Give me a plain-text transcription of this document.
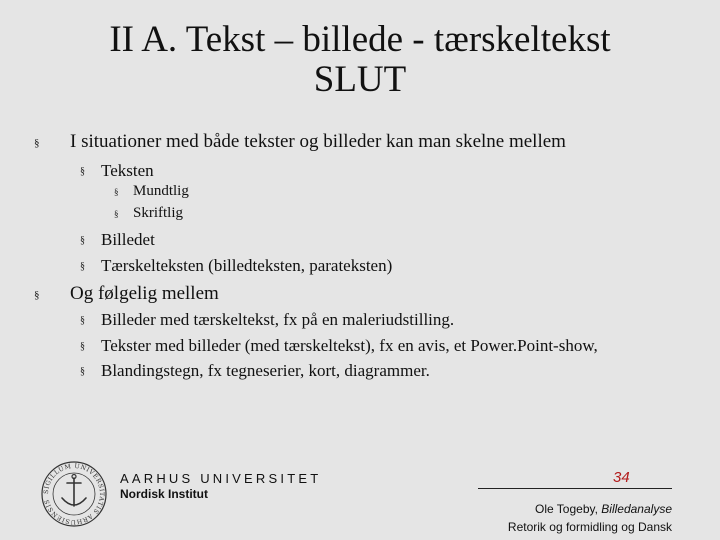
II A. Tekst – billede - tærskeltekst
SLUT
§ I situationer med både tekster og billeder kan man skelne mellem
§ Teksten
§ Mundtlig
§ Skriftlig
§ Billedet
§ Tærskelteksten (billedteksten, parateksten)
§ Og følgelig mellem
§ Billeder med tærskeltekst, fx på en maleriudstilling.
§ Tekster med billeder (med tærskeltekst), fx en avis, et Power.Point-show,
§ Blandingstegn, fx tegneserier, kort, diagrammer.
SIGILLUM UNIVERSITATIS ARHUSIENSIS
AARHUS UNIVERSITET
Nordisk Institut
34
Ole Togeby, Billedanalyse
Retorik og formidling og Dansk
